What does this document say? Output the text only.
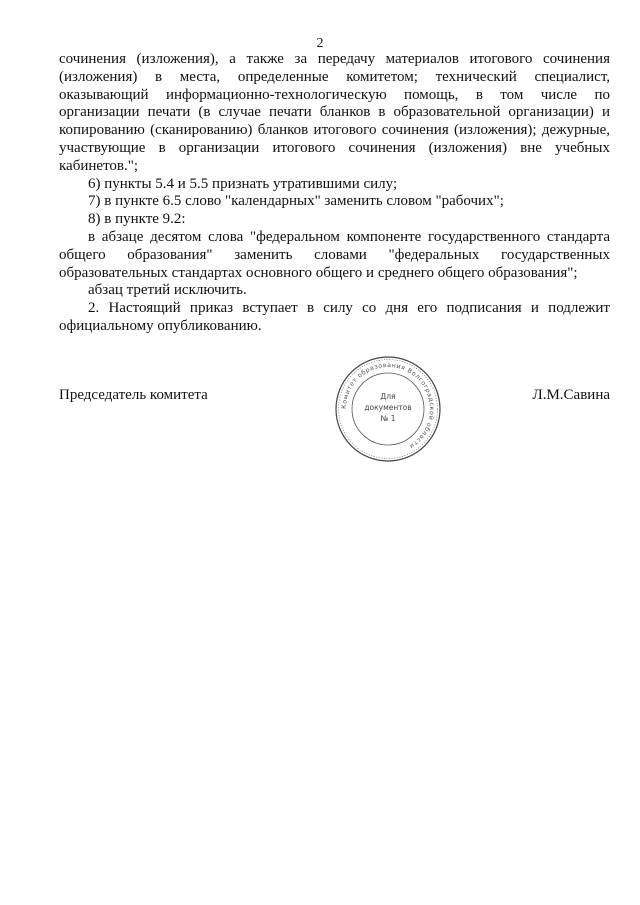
2

сочинения (изложения), а также за передачу материалов итогового сочинения (изложения) в места, определенные комитетом; технический специалист, оказывающий информационно-технологическую помощь, в том числе по организации печати (в случае печати бланков в образовательной организации) и копированию (сканированию) бланков итогового сочинения (изложения); дежурные, участвующие в организации итогового сочинения (изложения) вне учебных кабинетов.";

6) пункты 5.4 и 5.5 признать утратившими силу;

7) в пункте 6.5 слово "календарных" заменить словом "рабочих";

8) в пункте 9.2:

в абзаце десятом слова "федеральном компоненте государственного стандарта общего образования" заменить словами "федеральных государственных образовательных стандартах основного общего и среднего общего образования";

абзац третий исключить.

2. Настоящий приказ вступает в силу со дня его подписания и подлежит официальному опубликованию.

Председатель комитета	Л.М.Савина
Комитет образования Волгоградской области
Для
документов
№ 1
